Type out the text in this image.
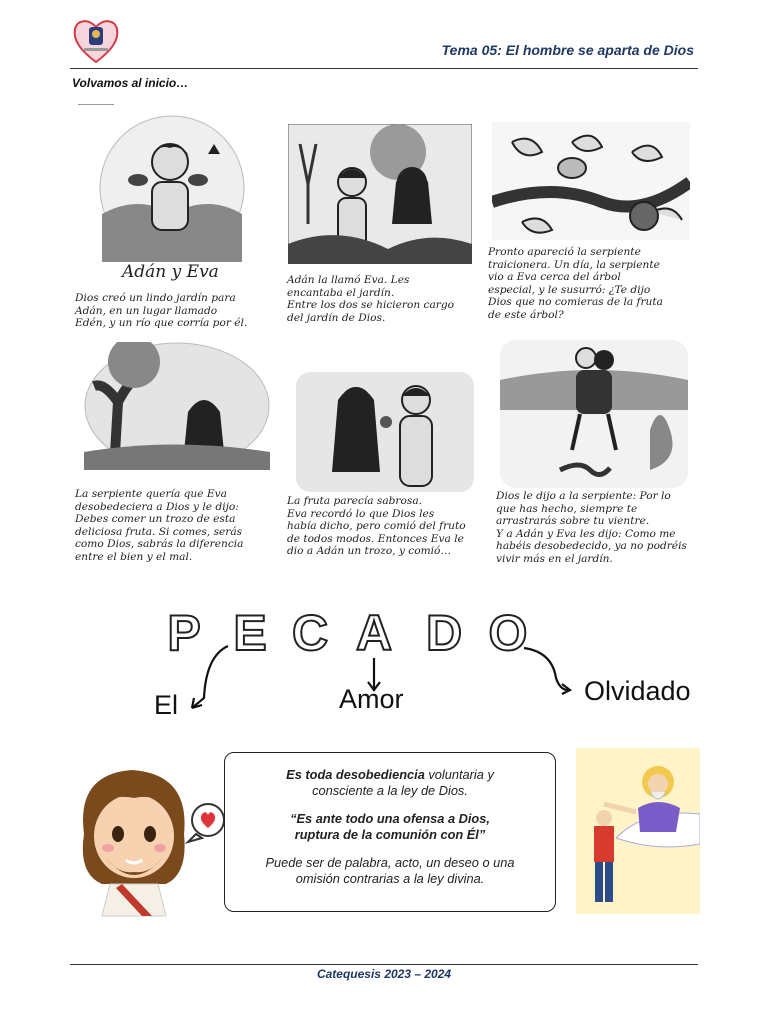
Tema 05: El hombre se aparta de Dios
Volvamos al inicio…
Adán y Eva
Dios creó un lindo jardín para
Adán, en un lugar llamado
Edén, y un río que corría por él.
Adán la llamó Eva. Les
encantaba el jardín.
Entre los dos se hicieron cargo
del jardín de Dios.
Pronto apareció la serpiente
traicionera. Un día, la serpiente
vio a Eva cerca del árbol
especial, y le susurró: ¿Te dijo
Dios que no comieras de la fruta
de este árbol?
La serpiente quería que Eva
desobedeciera a Dios y le dijo:
Debes comer un trozo de esta
deliciosa fruta. Si comes, serás
como Dios, sabrás la diferencia
entre el bien y el mal.
La fruta parecía sabrosa.
Eva recordó lo que Dios les
había dicho, pero comió del fruto
de todos modos. Entonces Eva le
dio a Adán un trozo, y comió…
Dios le dijo a la serpiente: Por lo
que has hecho, siempre te
arrastrarás sobre tu vientre.
Y a Adán y Eva les dijo: Como me
habéis desobedecido, ya no podréis
vivir más en el jardín.
P E C A D O
El	Amor	Olvidado
Es toda desobediencia voluntaria y consciente a la ley de Dios.
“Es ante todo una ofensa a Dios, ruptura de la comunión con Él”
Puede ser de palabra, acto, un deseo o una omisión contrarias a la ley divina.
Catequesis 2023 – 2024
